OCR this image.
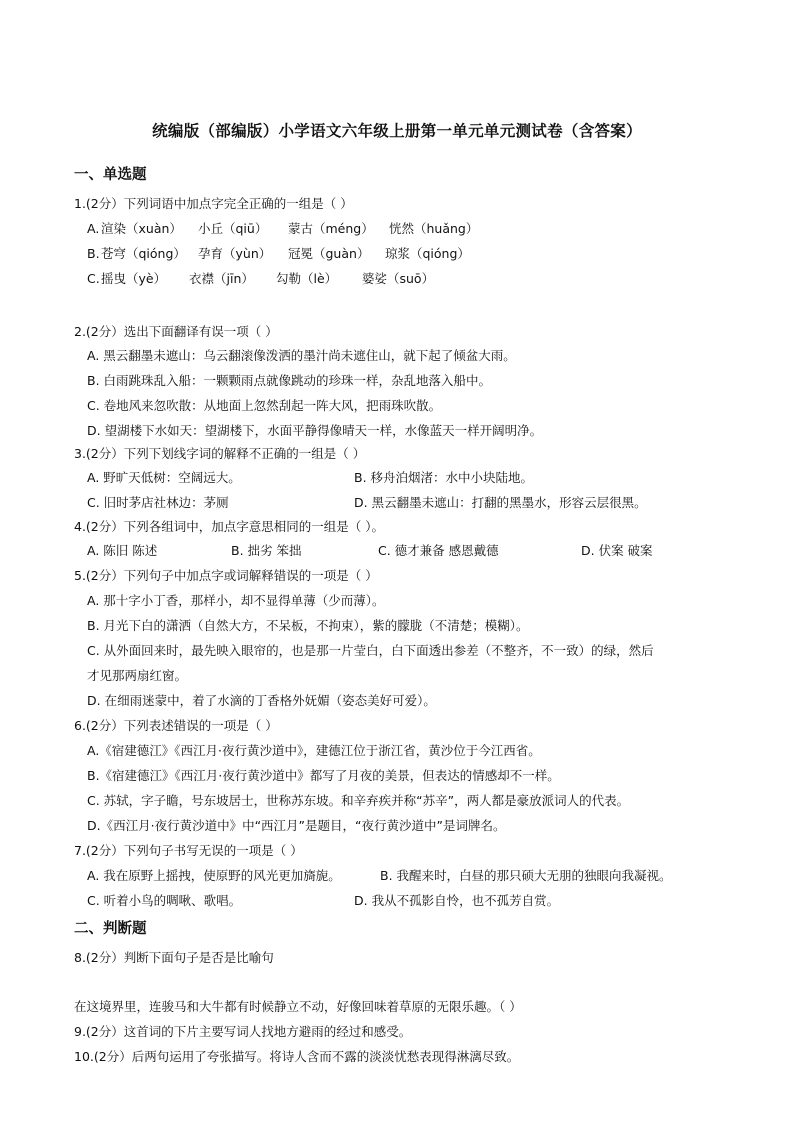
统编版（部编版）小学语文六年级上册第一单元单元测试卷（含答案）
一、单选题
1.(2分）下列词语中加点字完全正确的一组是（ ）
A. 渲染（xuàn） 小丘（qiū） 蒙古（méng） 恍然（huǎng）
B. 苍穹（qióng） 孕育（yùn） 冠冕（guàn） 琼浆（qióng）
C. 摇曳（yè） 衣襟（jīn） 勾勒（lè） 婆娑（suō）
2.(2分）选出下面翻译有误一项（ ）
A. 黑云翻墨未遮山：乌云翻滚像泼洒的墨汁尚未遮住山，就下起了倾盆大雨。
B. 白雨跳珠乱入船：一颗颗雨点就像跳动的珍珠一样，杂乱地落入船中。
C. 卷地风来忽吹散：从地面上忽然刮起一阵大风，把雨珠吹散。
D. 望湖楼下水如天：望湖楼下，水面平静得像晴天一样，水像蓝天一样开阔明净。
3.(2分）下列下划线字词的解释不正确的一组是（ ）
A. 野旷天低树：空阔远大。	B. 移舟泊烟渚：水中小块陆地。
C. 旧时茅店社林边：茅厕	D. 黑云翻墨未遮山：打翻的黑墨水，形容云层很黑。
4.(2分）下列各组词中，加点字意思相同的一组是（ ）。
A. 陈旧 陈述	B. 拙劣 笨拙	C. 德才兼备 感恩戴德	D. 伏案 破案
5.(2分）下列句子中加点字或词解释错误的一项是（ ）
A. 那十字小丁香，那样小，却不显得单薄（少而薄）。
B. 月光下白的潇洒（自然大方，不呆板，不拘束），紫的朦胧（不清楚；模糊）。
C. 从外面回来时，最先映入眼帘的，也是那一片莹白，白下面透出参差（不整齐，不一致）的绿，然后
才见那两扇红窗。
D. 在细雨迷蒙中，着了水滴的丁香格外妩媚（姿态美好可爱）。
6.(2分）下列表述错误的一项是（ ）
A.《宿建德江》《西江月·夜行黄沙道中》，建德江位于浙江省，黄沙位于今江西省。
B.《宿建德江》《西江月·夜行黄沙道中》都写了月夜的美景，但表达的情感却不一样。
C. 苏轼，字子瞻，号东坡居士，世称苏东坡。和辛弃疾并称“苏辛”，两人都是豪放派词人的代表。
D.《西江月·夜行黄沙道中》中“西江月”是题目，“夜行黄沙道中”是词牌名。
7.(2分）下列句子书写无误的一项是（ ）
A. 我在原野上摇拽，使原野的风光更加旖旎。	B. 我醒来时，白昼的那只硕大无朋的独眼向我凝视。
C. 听着小鸟的啁啾、歌唱。	D. 我从不孤影自怜，也不孤芳自赏。
二、判断题
8.(2分）判断下面句子是否是比喻句
在这境界里，连骏马和大牛都有时候静立不动，好像回味着草原的无限乐趣。（ ）
9.(2分）这首词的下片主要写词人找地方避雨的经过和感受。
10.(2分）后两句运用了夸张描写。将诗人含而不露的淡淡忧愁表现得淋漓尽致。
